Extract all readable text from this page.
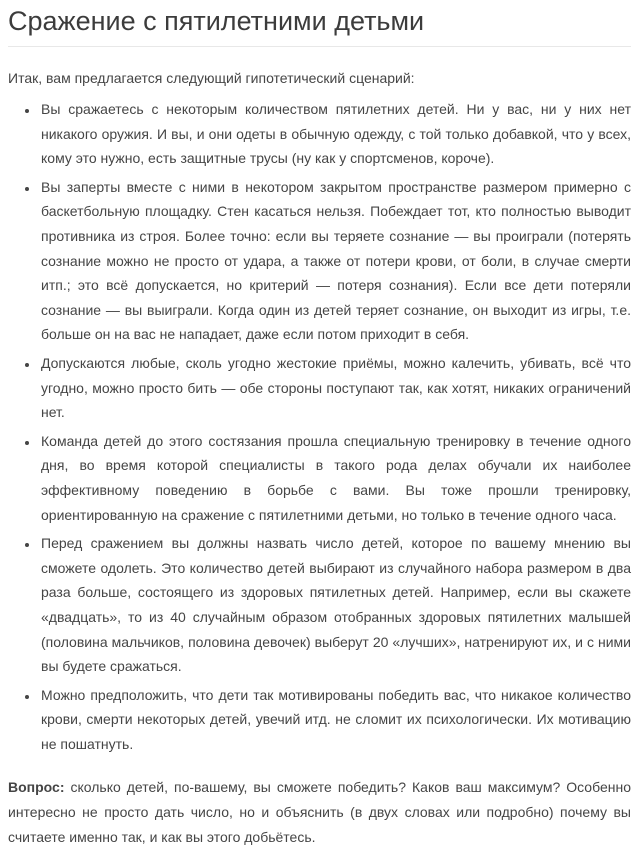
Сражение с пятилетними детьми

Итак, вам предлагается следующий гипотетический сценарий:

• Вы сражаетесь с некоторым количеством пятилетних детей. Ни у вас, ни у них нет никакого оружия. И вы, и они одеты в обычную одежду, с той только добавкой, что у всех, кому это нужно, есть защитные трусы (ну как у спортсменов, короче).
• Вы заперты вместе с ними в некотором закрытом пространстве размером примерно с баскетбольную площадку. Стен касаться нельзя. Побеждает тот, кто полностью выводит противника из строя. Более точно: если вы теряете сознание — вы проиграли (потерять сознание можно не просто от удара, а также от потери крови, от боли, в случае смерти итп.; это всё допускается, но критерий — потеря сознания). Если все дети потеряли сознание — вы выиграли. Когда один из детей теряет сознание, он выходит из игры, т.е. больше он на вас не нападает, даже если потом приходит в себя.
• Допускаются любые, сколь угодно жестокие приёмы, можно калечить, убивать, всё что угодно, можно просто бить — обе стороны поступают так, как хотят, никаких ограничений нет.
• Команда детей до этого состязания прошла специальную тренировку в течение одного дня, во время которой специалисты в такого рода делах обучали их наиболее эффективному поведению в борьбе с вами. Вы тоже прошли тренировку, ориентированную на сражение с пятилетними детьми, но только в течение одного часа.
• Перед сражением вы должны назвать число детей, которое по вашему мнению вы сможете одолеть. Это количество детей выбирают из случайного набора размером в два раза больше, состоящего из здоровых пятилетных детей. Например, если вы скажете «двадцать», то из 40 случайным образом отобранных здоровых пятилетних малышей (половина мальчиков, половина девочек) выберут 20 «лучших», натренируют их, и с ними вы будете сражаться.
• Можно предположить, что дети так мотивированы победить вас, что никакое количество крови, смерти некоторых детей, увечий итд. не сломит их психологически. Их мотивацию не пошатнуть.

Вопрос: сколько детей, по-вашему, вы сможете победить? Каков ваш максимум? Особенно интересно не просто дать число, но и объяснить (в двух словах или подробно) почему вы считаете именно так, и как вы этого добьётесь.
